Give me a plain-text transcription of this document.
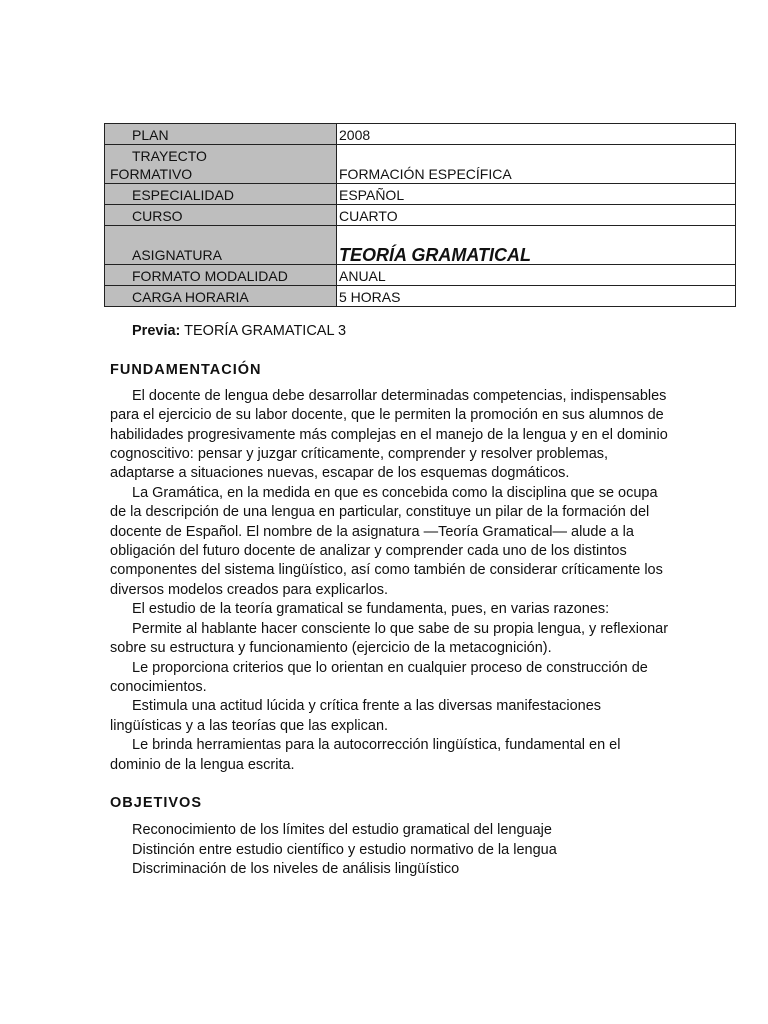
PLAN	2008

TRAYECTO
FORMATIVO	FORMACIÓN ESPECÍFICA
ESPECIALIDAD	ESPAÑOL
CURSO	CUARTO
ASIGNATURA	TEORÍA GRAMATICAL
FORMATO MODALIDAD	ANUAL
CARGA HORARIA	5 HORAS
Previa: TEORÍA GRAMATICAL 3
FUNDAMENTACIÓN

El docente de lengua debe desarrollar determinadas competencias, indispensables para el ejercicio de su labor docente, que le permiten la promoción en sus alumnos de habilidades progresivamente más complejas en el manejo de la lengua y en el dominio cognoscitivo: pensar y juzgar críticamente, comprender y resolver problemas, adaptarse a situaciones nuevas, escapar de los esquemas dogmáticos.

La Gramática, en la medida en que es concebida como la disciplina que se ocupa de la descripción de una lengua en particular, constituye un pilar de la formación del docente de Español. El nombre de la asignatura —Teoría Gramatical— alude a la obligación del futuro docente de analizar y comprender cada uno de los distintos componentes del sistema lingüístico, así como también de considerar críticamente los diversos modelos creados para explicarlos.

El estudio de la teoría gramatical se fundamenta, pues, en varias razones:

Permite al hablante hacer consciente lo que sabe de su propia lengua, y reflexionar sobre su estructura y funcionamiento (ejercicio de la metacognición).

Le proporciona criterios que lo orientan en cualquier proceso de construcción de conocimientos.

Estimula una actitud lúcida y crítica frente a las diversas manifestaciones lingüísticas y a las teorías que las explican.

Le brinda herramientas para la autocorrección lingüística, fundamental en el dominio de la lengua escrita.

OBJETIVOS
Reconocimiento de los límites del estudio gramatical del lenguaje
Distinción entre estudio científico y estudio normativo de la lengua
Discriminación de los niveles de análisis lingüístico
